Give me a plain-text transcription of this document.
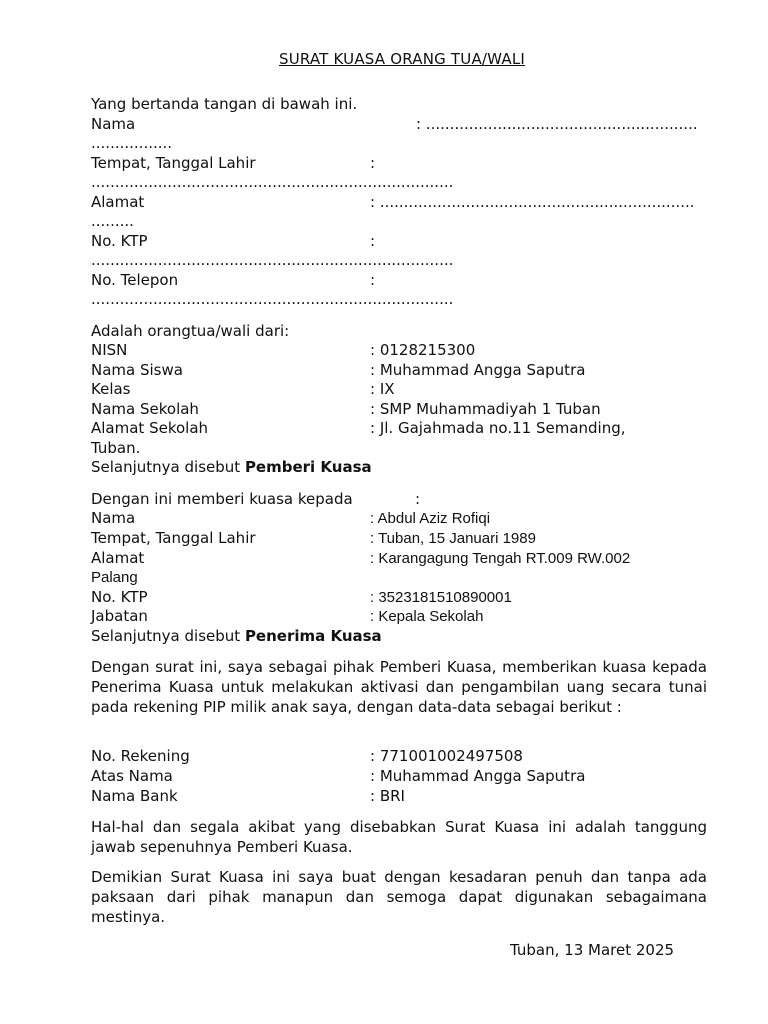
SURAT KUASA ORANG TUA/WALI
Yang bertanda tangan di bawah ini.
Nama	: .........................................................
.................
Tempat, Tanggal Lahir	:
............................................................................
Alamat	: ..................................................................
.........
No. KTP	:
............................................................................
No. Telepon	:
............................................................................
Adalah orangtua/wali dari:
NISN	: 0128215300
Nama Siswa	: Muhammad Angga Saputra
Kelas	: IX
Nama Sekolah	: SMP Muhammadiyah 1 Tuban
Alamat Sekolah	: Jl. Gajahmada no.11 Semanding,
Tuban.
Selanjutnya disebut Pemberi Kuasa
Dengan ini memberi kuasa kepada	:
Nama	: Abdul Aziz Rofiqi
Tempat, Tanggal Lahir	: Tuban, 15 Januari 1989
Alamat	: Karangagung Tengah RT.009 RW.002
Palang
No. KTP	: 3523181510890001
Jabatan	: Kepala Sekolah
Selanjutnya disebut Penerima Kuasa
Dengan surat ini, saya sebagai pihak Pemberi Kuasa, memberikan kuasa kepada Penerima Kuasa untuk melakukan aktivasi dan pengambilan uang secara tunai pada rekening PIP milik anak saya, dengan data-data sebagai berikut :
No. Rekening	: 771001002497508
Atas Nama	: Muhammad Angga Saputra
Nama Bank	: BRI
Hal-hal dan segala akibat yang disebabkan Surat Kuasa ini adalah tanggung jawab sepenuhnya Pemberi Kuasa.
Demikian Surat Kuasa ini saya buat dengan kesadaran penuh dan tanpa ada paksaan dari pihak manapun dan semoga dapat digunakan sebagaimana mestinya.
Tuban, 13 Maret 2025
